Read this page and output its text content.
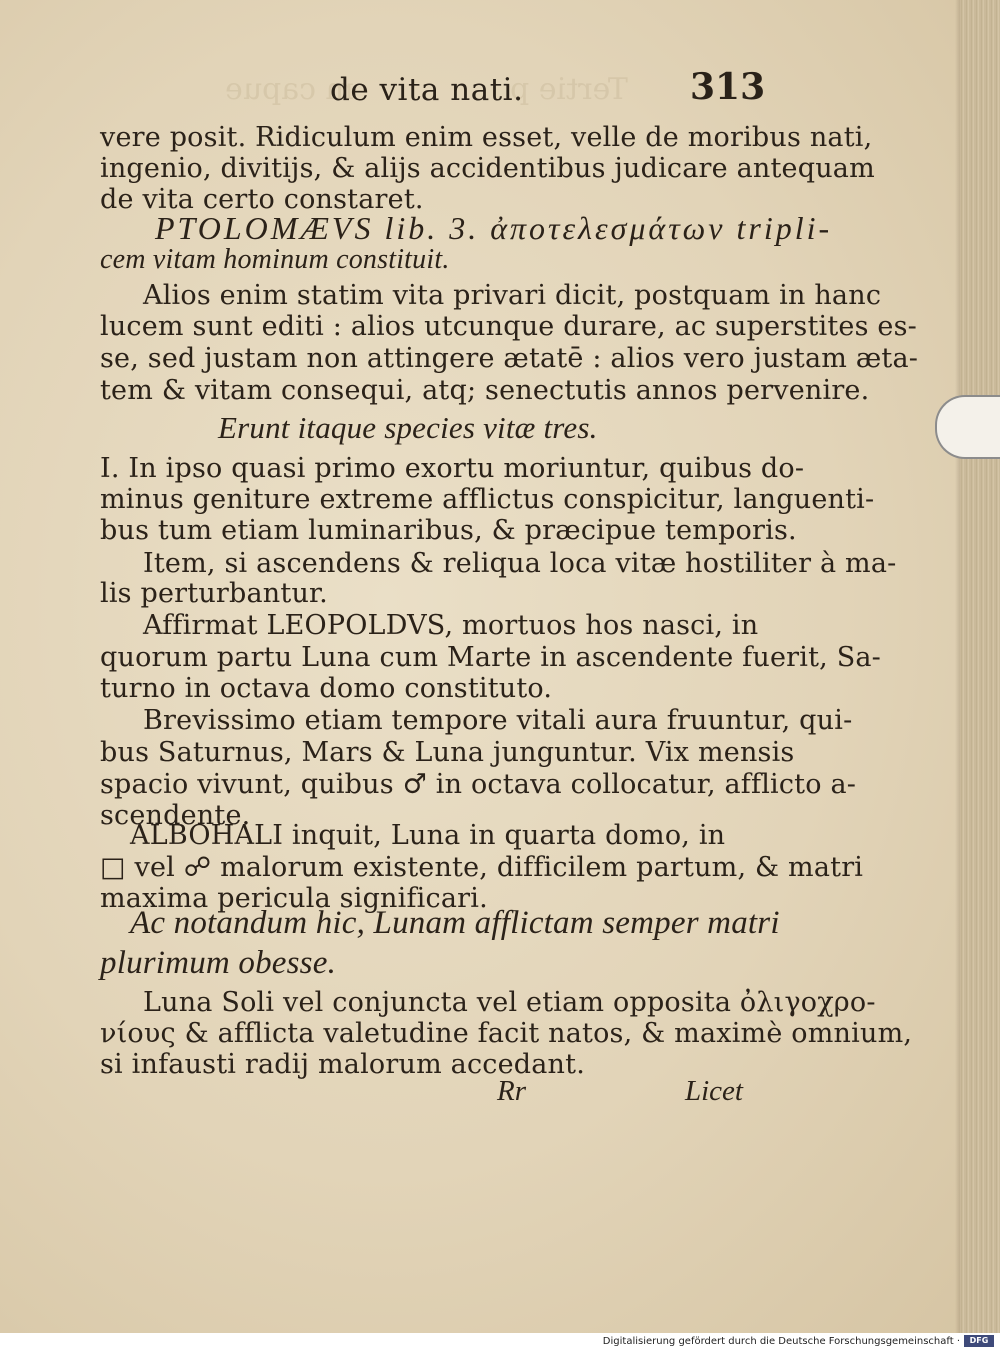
Tertie p
m capue
de vita nati.	313
vere posit. Ridiculum enim esset, velle de moribus nati,
ingenio, divitijs, & alijs accidentibus judicare antequam
de vita certo constaret.
PTOLOMÆVS lib. 3. ἀποτελεσμάτων tripli-
cem vitam hominum constituit.
Alios enim statim vita privari dicit, postquam in hanc
lucem sunt editi : alios utcunque durare, ac superstites es-
se, sed justam non attingere ætatē : alios vero justam æta-
tem & vitam consequi, atq; senectutis annos pervenire.
Erunt itaque species vitæ tres.
I. In ipso quasi primo exortu moriuntur, quibus do-
minus geniture extreme afflictus conspicitur, languenti-
bus tum etiam luminaribus, & præcipue temporis.
Item, si ascendens & reliqua loca vitæ hostiliter à ma-
lis perturbantur.
Affirmat LEOPOLDVS, mortuos hos nasci, in
quorum partu Luna cum Marte in ascendente fuerit, Sa-
turno in octava domo constituto.
Brevissimo etiam tempore vitali aura fruuntur, qui-
bus Saturnus, Mars & Luna junguntur. Vix mensis
spacio vivunt, quibus ♂ in octava collocatur, afflicto a-
scendente.
ALBOHALI inquit, Luna in quarta domo, in
□ vel ☍ malorum existente, difficilem partum, & matri
maxima pericula significari.
Ac notandum hic, Lunam afflictam semper matri
plurimum obesse.
Luna Soli vel conjuncta vel etiam opposita ὀλιγοχρο-
νίους & afflicta valetudine facit natos, & maximè omnium,
si infausti radij malorum accedant.
Rr	Licet
Digitalisierung gefördert durch die Deutsche Forschungsgemeinschaft ·	DFG
